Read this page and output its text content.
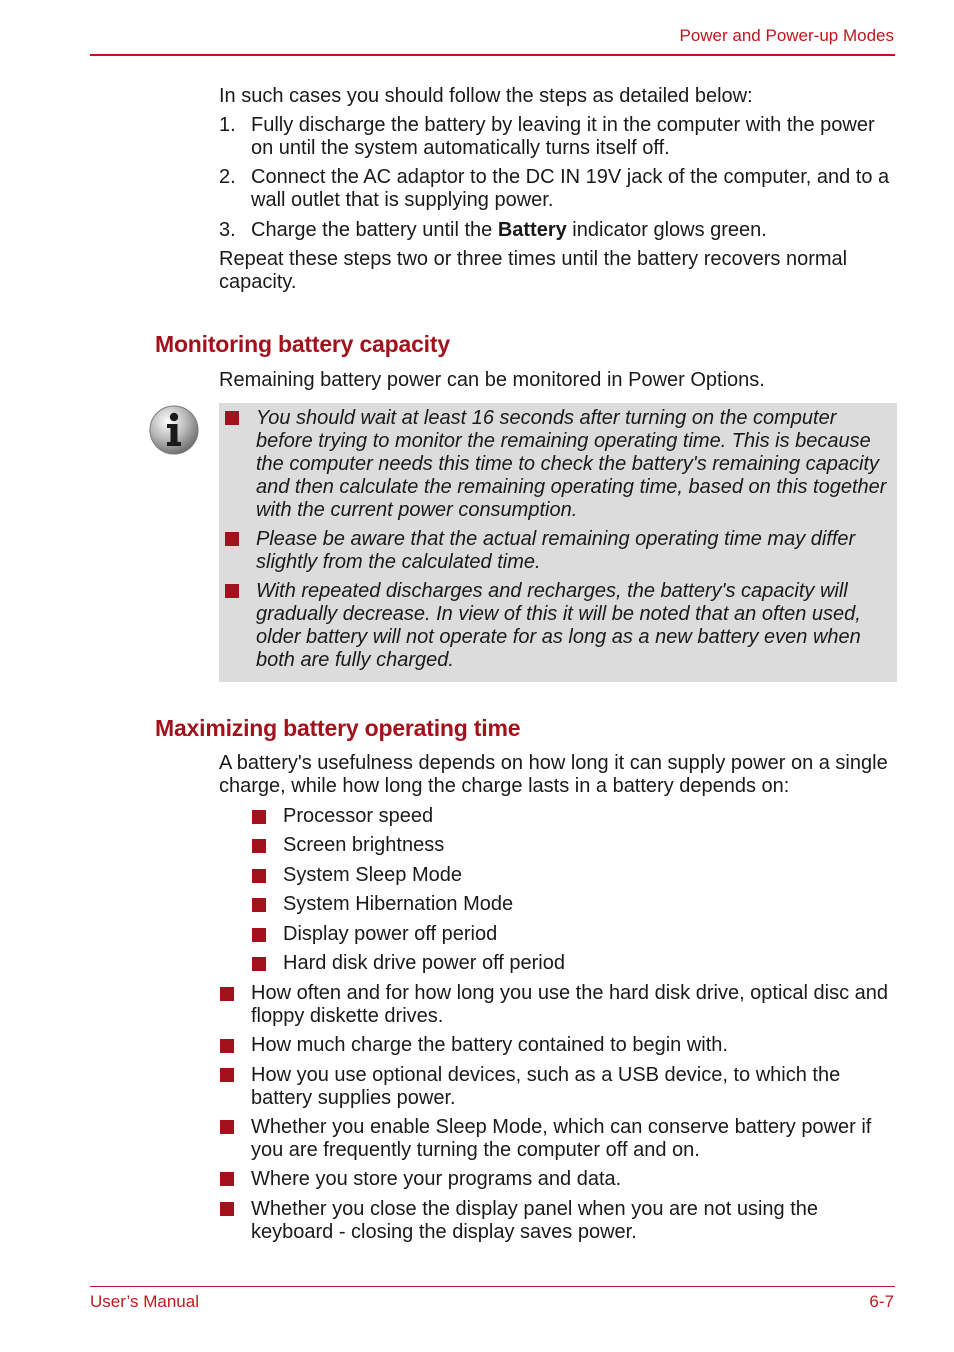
Power and Power-up Modes
In such cases you should follow the steps as detailed below:
1. Fully discharge the battery by leaving it in the computer with the power on until the system automatically turns itself off.
2. Connect the AC adaptor to the DC IN 19V jack of the computer, and to a wall outlet that is supplying power.
3. Charge the battery until the Battery indicator glows green.
Repeat these steps two or three times until the battery recovers normal capacity.
Monitoring battery capacity
Remaining battery power can be monitored in Power Options.
You should wait at least 16 seconds after turning on the computer before trying to monitor the remaining operating time. This is because the computer needs this time to check the battery's remaining capacity and then calculate the remaining operating time, based on this together with the current power consumption.
Please be aware that the actual remaining operating time may differ slightly from the calculated time.
With repeated discharges and recharges, the battery's capacity will gradually decrease. In view of this it will be noted that an often used, older battery will not operate for as long as a new battery even when both are fully charged.
Maximizing battery operating time
A battery's usefulness depends on how long it can supply power on a single charge, while how long the charge lasts in a battery depends on:
Processor speed
Screen brightness
System Sleep Mode
System Hibernation Mode
Display power off period
Hard disk drive power off period
How often and for how long you use the hard disk drive, optical disc and floppy diskette drives.
How much charge the battery contained to begin with.
How you use optional devices, such as a USB device, to which the battery supplies power.
Whether you enable Sleep Mode, which can conserve battery power if you are frequently turning the computer off and on.
Where you store your programs and data.
Whether you close the display panel when you are not using the keyboard - closing the display saves power.
User’s Manual	6-7
